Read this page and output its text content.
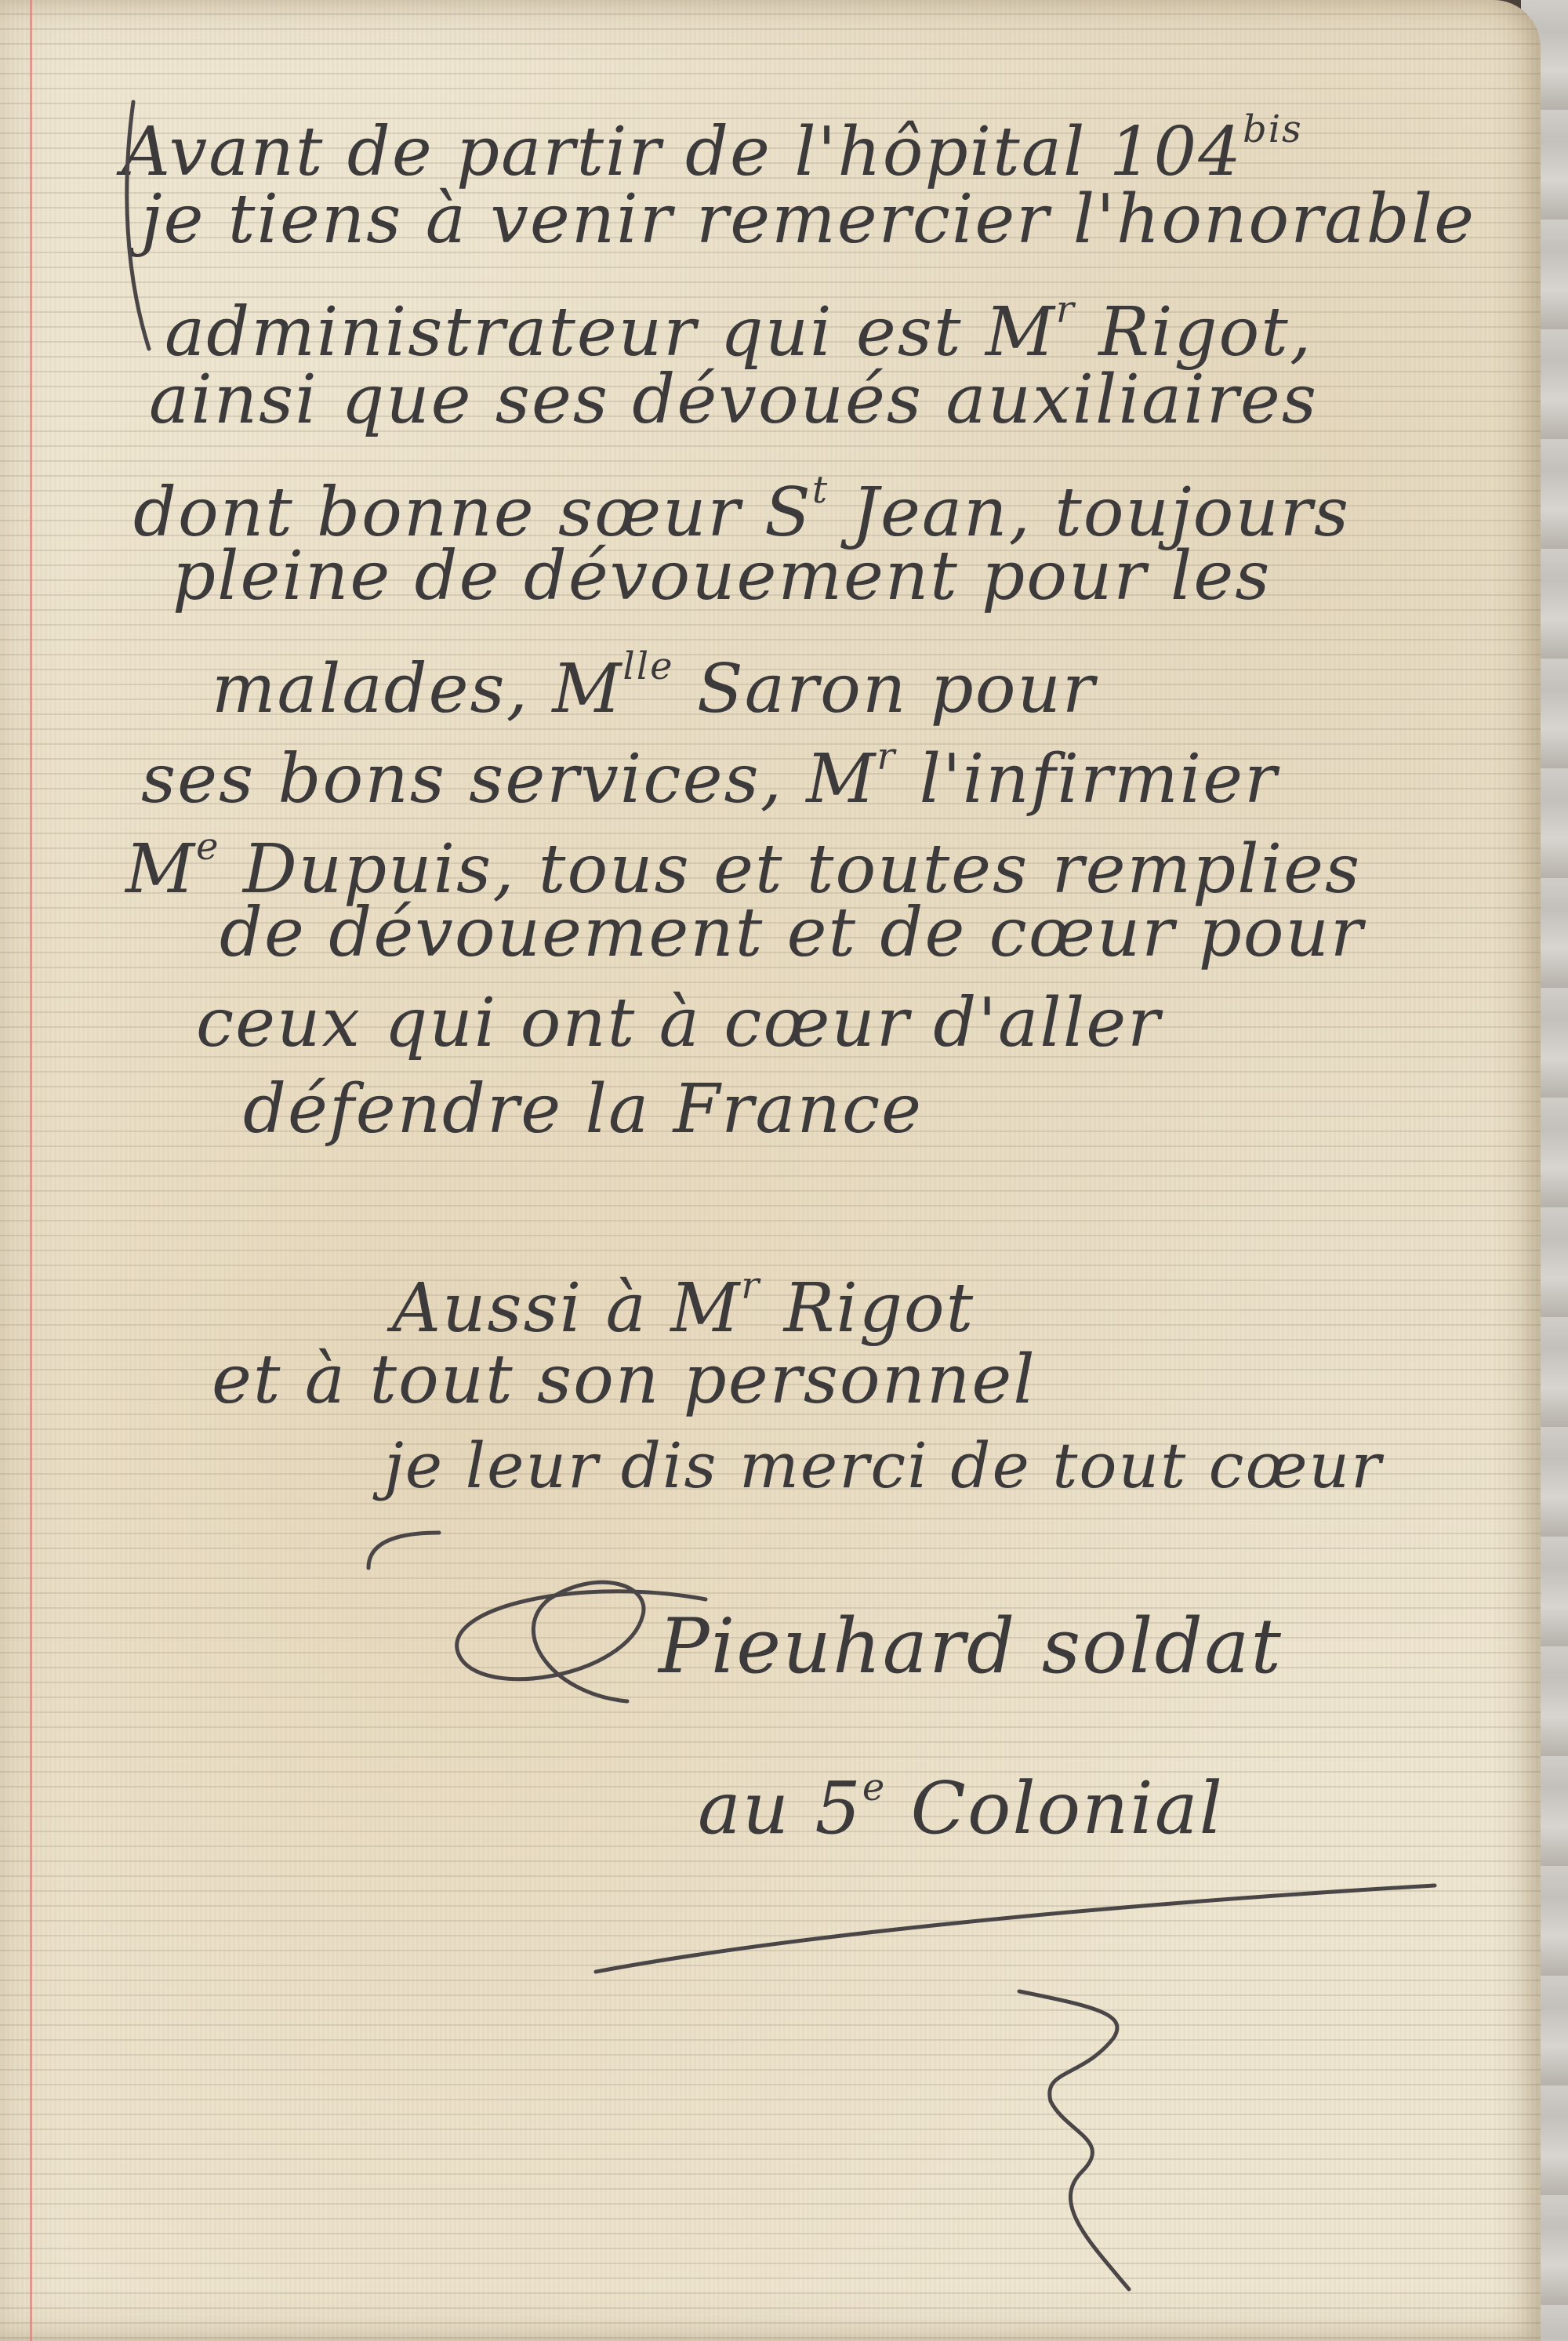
Avant de partir de l'hôpital $104^{bis}$
je tiens à venir remercier l'honorable
administrateur qui est $M^r$ Rigot,
ainsi que ses dévoués auxiliaires
dont bonne sœur $S^t$ Jean, toujours
pleine de dévouement pour les
malades, $M^{lle}$ Saron pour
ses bons services, $M^r$ l'infirmier
Me Dupuis, tous et toutes remplies
de dévouement et de cœur pour
ceux qui ont à cœur d'aller
défendre la France
Aussi à $M^r$ Rigot
et à tout son personnel
je leur dis merci de tout cœur
Pieuhard soldat
au 5e Colonial
